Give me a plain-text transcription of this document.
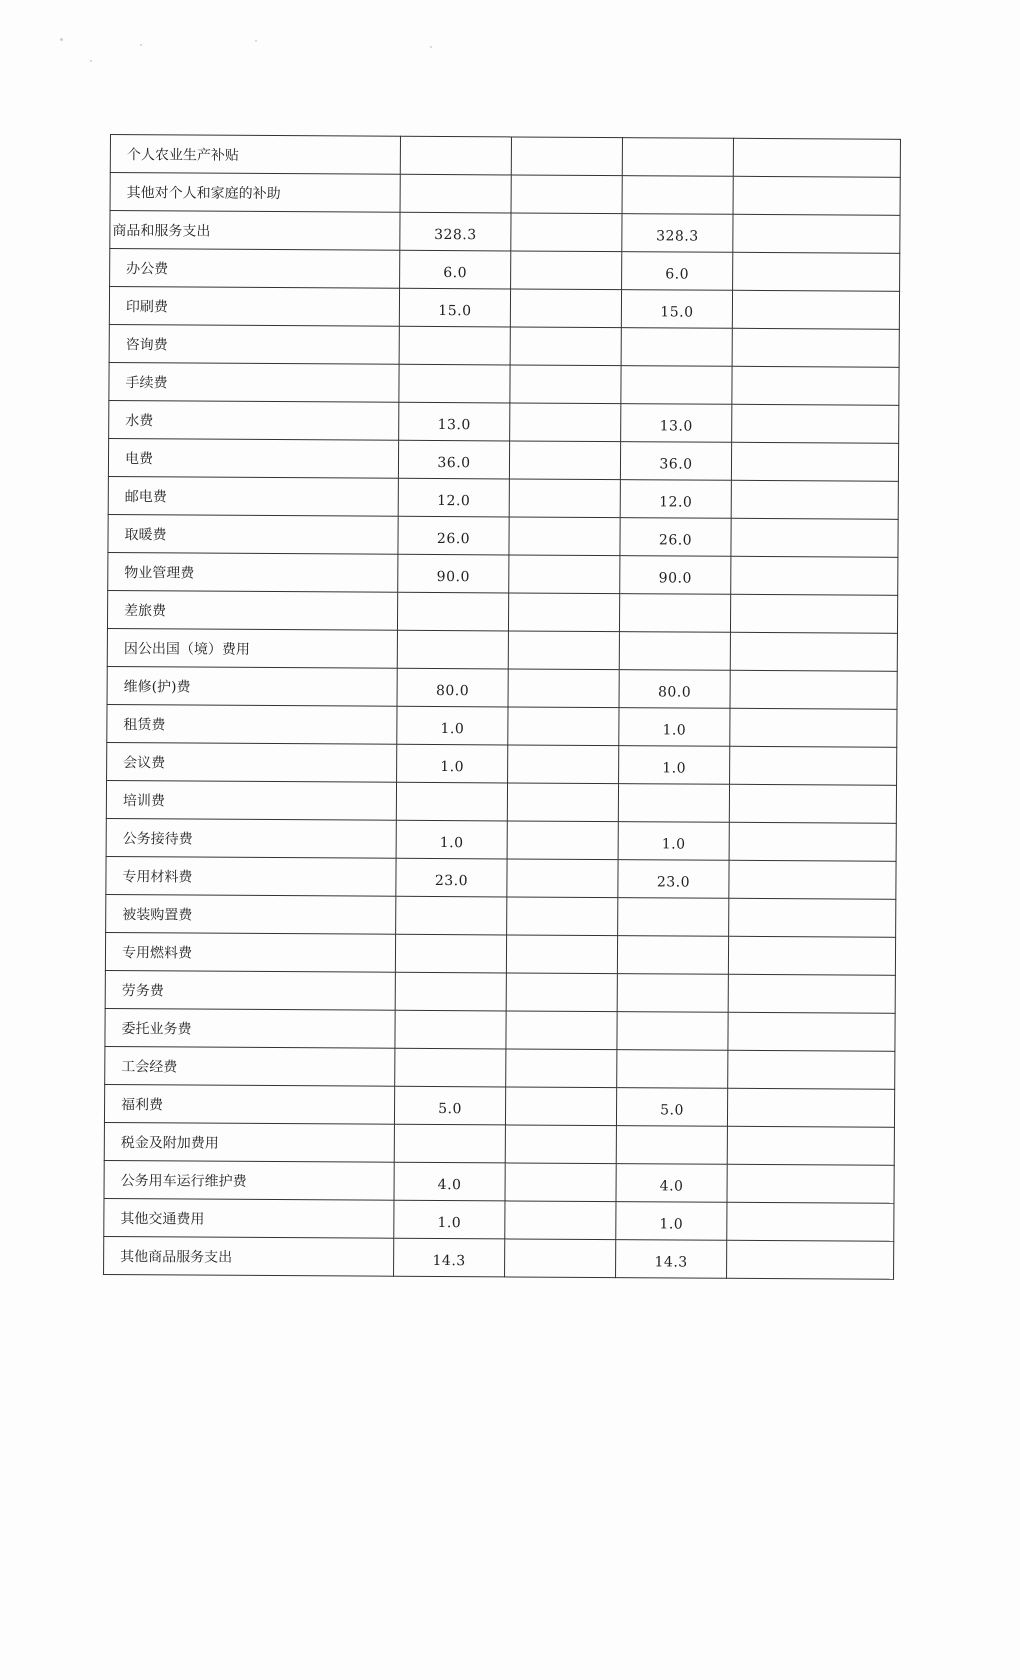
个人农业生产补贴				
其他对个人和家庭的补助				
商品和服务支出	328.3		328.3	
办公费	6.0		6.0	
印刷费	15.0		15.0	
咨询费				
手续费				
水费	13.0		13.0	
电费	36.0		36.0	
邮电费	12.0		12.0	
取暖费	26.0		26.0	
物业管理费	90.0		90.0	
差旅费				
因公出国（境）费用				
维修(护)费	80.0		80.0	
租赁费	1.0		1.0	
会议费	1.0		1.0	
培训费				
公务接待费	1.0		1.0	
专用材料费	23.0		23.0	
被装购置费				
专用燃料费				
劳务费				
委托业务费				
工会经费				
福利费	5.0		5.0	
税金及附加费用				
公务用车运行维护费	4.0		4.0	
其他交通费用	1.0		1.0	
其他商品服务支出	14.3		14.3	
